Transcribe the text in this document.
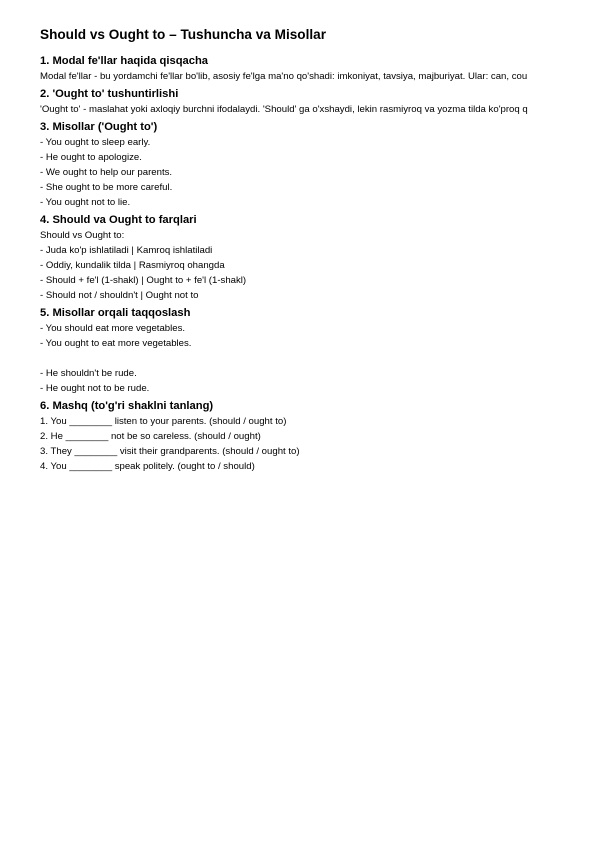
Should vs Ought to – Tushuncha va Misollar
1. Modal fe'llar haqida qisqacha
Modal fe'llar - bu yordamchi fe'llar bo'lib, asosiy fe'lga ma'no qo'shadi: imkoniyat, tavsiya, majburiyat. Ular: can, cou
2. 'Ought to' tushuntirlishi
'Ought to' - maslahat yoki axloqiy burchni ifodalaydi. 'Should' ga o'xshaydi, lekin rasmiyroq va yozma tilda ko'proq q
3. Misollar ('Ought to')
- You ought to sleep early.
- He ought to apologize.
- We ought to help our parents.
- She ought to be more careful.
- You ought not to lie.
4. Should va Ought to farqlari
Should vs Ought to:
- Juda ko'p ishlatiladi | Kamroq ishlatiladi
- Oddiy, kundalik tilda | Rasmiyroq ohangda
- Should + fe'l (1-shakl) | Ought to + fe'l (1-shakl)
- Should not / shouldn't | Ought not to
5. Misollar orqali taqqoslash
- You should eat more vegetables.
- You ought to eat more vegetables.
- He shouldn't be rude.
- He ought not to be rude.
6. Mashq (to'g'ri shaklni tanlang)
1. You ________ listen to your parents. (should / ought to)
2. He ________ not be so careless. (should / ought)
3. They ________ visit their grandparents. (should / ought to)
4. You ________ speak politely. (ought to / should)
